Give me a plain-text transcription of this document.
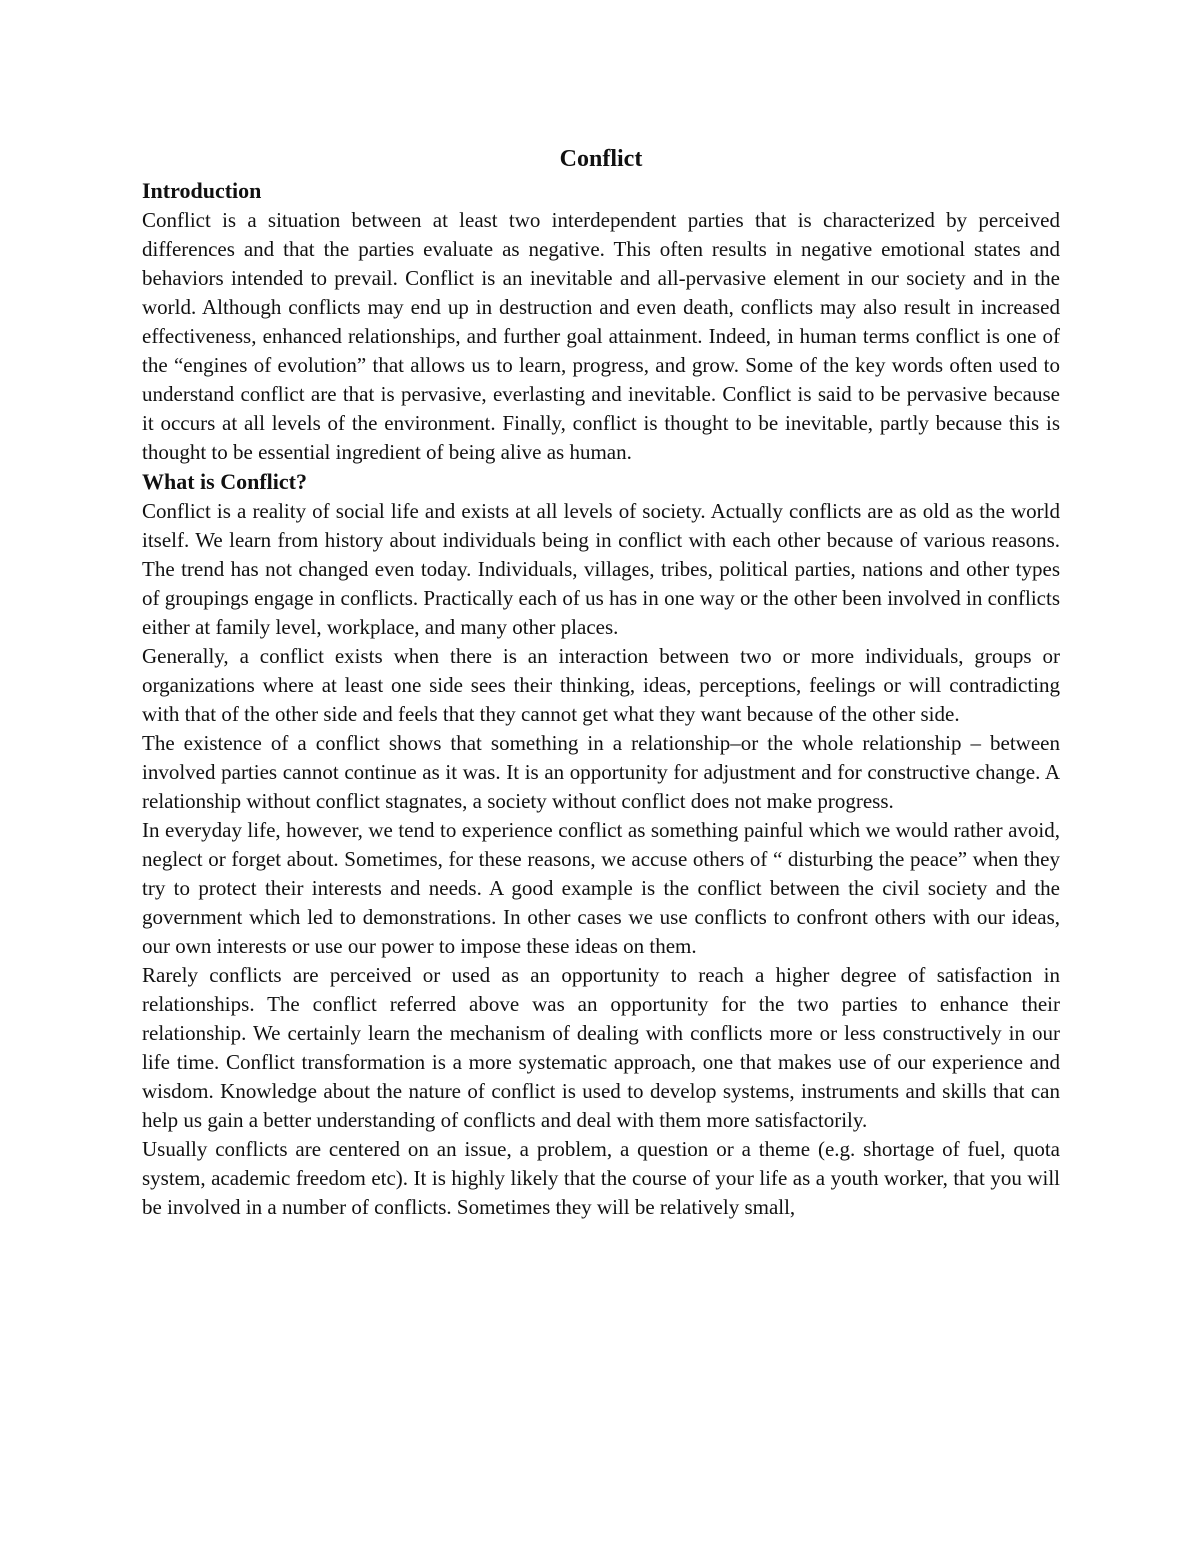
Conflict
Introduction

Conflict is a situation between at least two interdependent parties that is characterized by perceived differences and that the parties evaluate as negative. This often results in negative emotional states and behaviors intended to prevail. Conflict is an inevitable and all-pervasive element in our society and in the world. Although conflicts may end up in destruction and even death, conflicts may also result in increased effectiveness, enhanced relationships, and further goal attainment. Indeed, in human terms conflict is one of the “engines of evolution” that allows us to learn, progress, and grow. Some of the key words often used to understand conflict are that is pervasive, everlasting and inevitable. Conflict is said to be pervasive because it occurs at all levels of the environment. Finally, conflict is thought to be inevitable, partly because this is thought to be essential ingredient of being alive as human.

What is Conflict?

Conflict is a reality of social life and exists at all levels of society. Actually conflicts are as old as the world itself. We learn from history about individuals being in conflict with each other because of various reasons. The trend has not changed even today. Individuals, villages, tribes, political parties, nations and other types of groupings engage in conflicts. Practically each of us has in one way or the other been involved in conflicts either at family level, workplace, and many other places.

Generally, a conflict exists when there is an interaction between two or more individuals, groups or organizations where at least one side sees their thinking, ideas, perceptions, feelings or will contradicting with that of the other side and feels that they cannot get what they want because of the other side.

The existence of a conflict shows that something in a relationship–or the whole relationship – between involved parties cannot continue as it was. It is an opportunity for adjustment and for constructive change. A relationship without conflict stagnates, a society without conflict does not make progress.

In everyday life, however, we tend to experience conflict as something painful which we would rather avoid, neglect or forget about. Sometimes, for these reasons, we accuse others of “ disturbing the peace” when they try to protect their interests and needs. A good example is the conflict between the civil society and the government which led to demonstrations. In other cases we use conflicts to confront others with our ideas, our own interests or use our power to impose these ideas on them.

Rarely conflicts are perceived or used as an opportunity to reach a higher degree of satisfaction in relationships. The conflict referred above was an opportunity for the two parties to enhance their relationship. We certainly learn the mechanism of dealing with conflicts more or less constructively in our life time. Conflict transformation is a more systematic approach, one that makes use of our experience and wisdom. Knowledge about the nature of conflict is used to develop systems, instruments and skills that can help us gain a better understanding of conflicts and deal with them more satisfactorily.

Usually conflicts are centered on an issue, a problem, a question or a theme (e.g. shortage of fuel, quota system, academic freedom etc). It is highly likely that the course of your life as a youth worker, that you will be involved in a number of conflicts. Sometimes they will be relatively small,
